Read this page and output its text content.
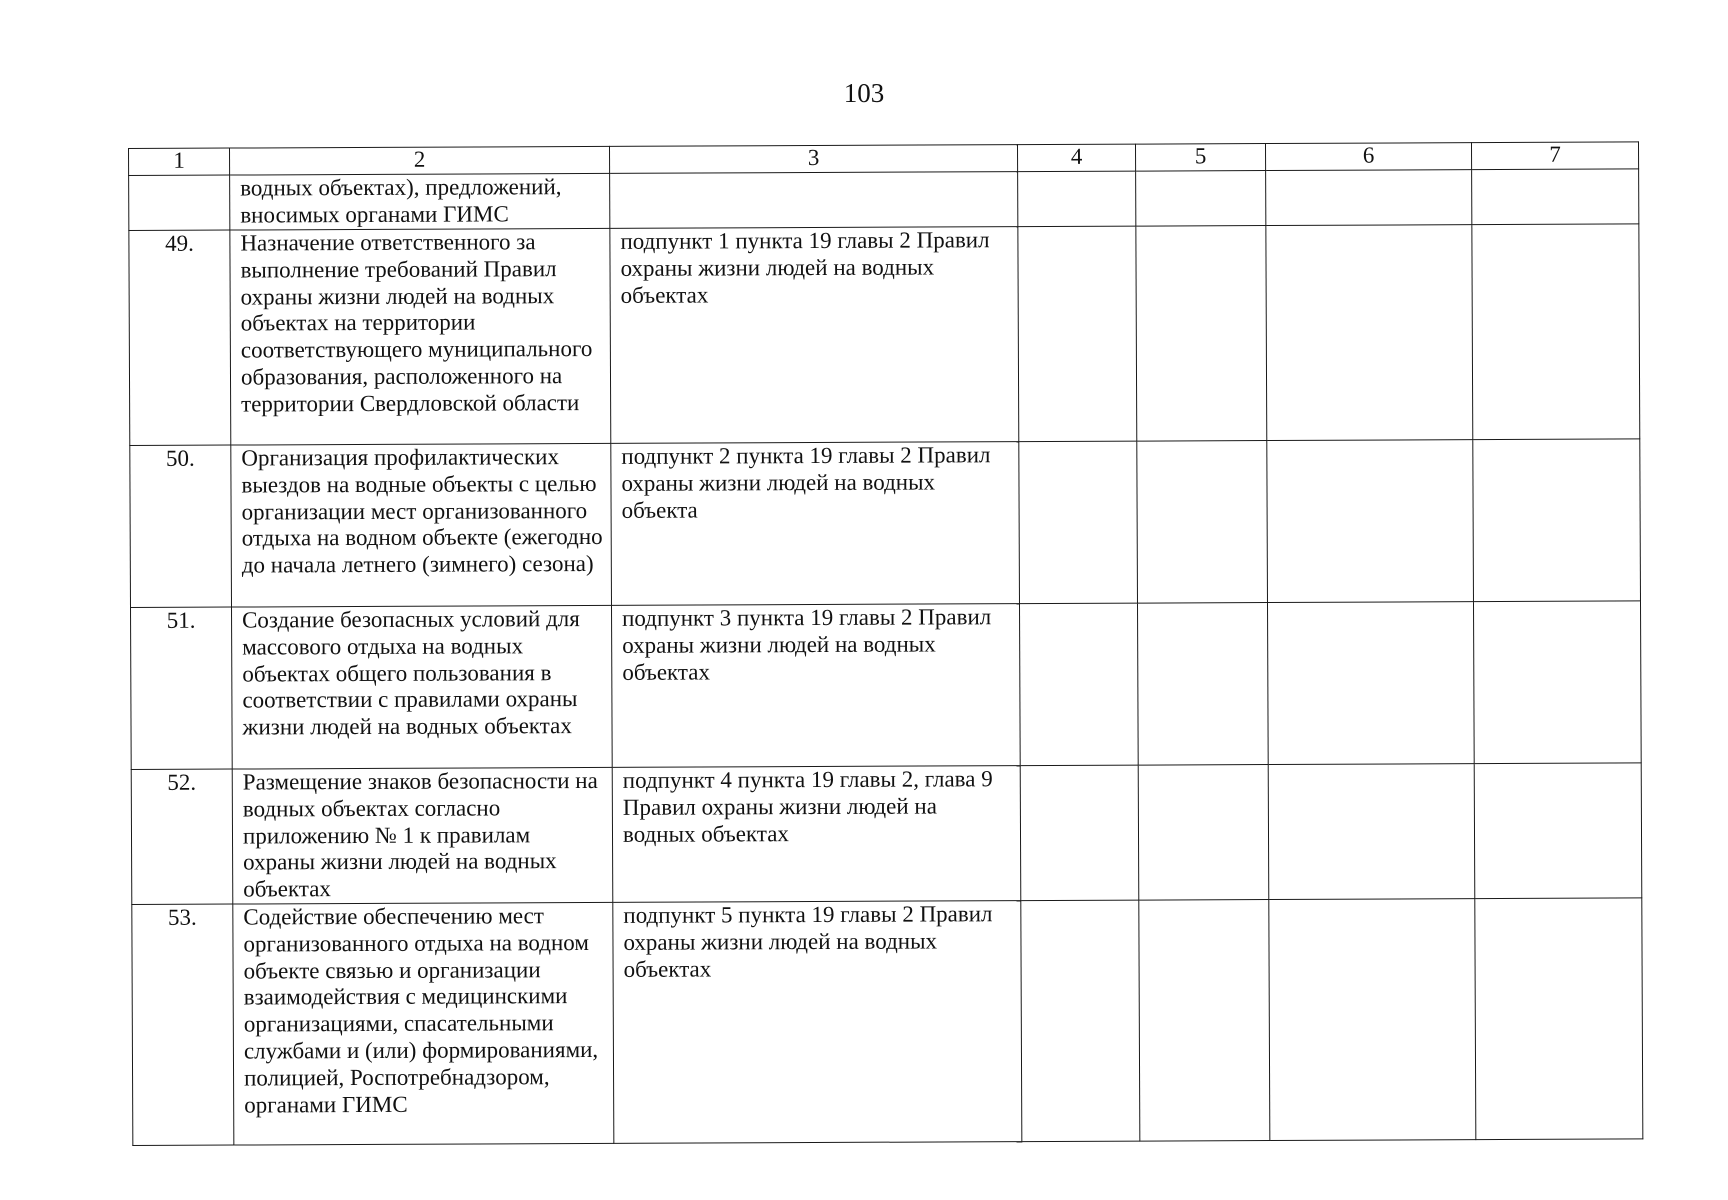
103
1	2	3	4	5	6	7
	водных объектах), предложений, вносимых органами ГИМС					
49.	Назначение ответственного за выполнение требований Правил охраны жизни людей на водных объектах на территории соответствующего муниципального образования, расположенного на территории Свердловской области	подпункт 1 пункта 19 главы 2 Правил охраны жизни людей на водных объектах				
50.	Организация профилактических выездов на водные объекты с целью организации мест организованного отдыха на водном объекте (ежегодно до начала летнего (зимнего) сезона)	подпункт 2 пункта 19 главы 2 Правил охраны жизни людей на водных объекта				
51.	Создание безопасных условий для массового отдыха на водных объектах общего пользования в соответствии с правилами охраны жизни людей на водных объектах	подпункт 3 пункта 19 главы 2 Правил охраны жизни людей на водных объектах				
52.	Размещение знаков безопасности на водных объектах согласно приложению № 1 к правилам охраны жизни людей на водных объектах	подпункт 4 пункта 19 главы 2, глава 9 Правил охраны жизни людей на водных объектах				
53.	Содействие обеспечению мест организованного отдыха на водном объекте связью и организации взаимодействия с медицинскими организациями, спасательными службами и (или) формированиями, полицией, Роспотребнадзором, органами ГИМС	подпункт 5 пункта 19 главы 2 Правил охраны жизни людей на водных объектах				
